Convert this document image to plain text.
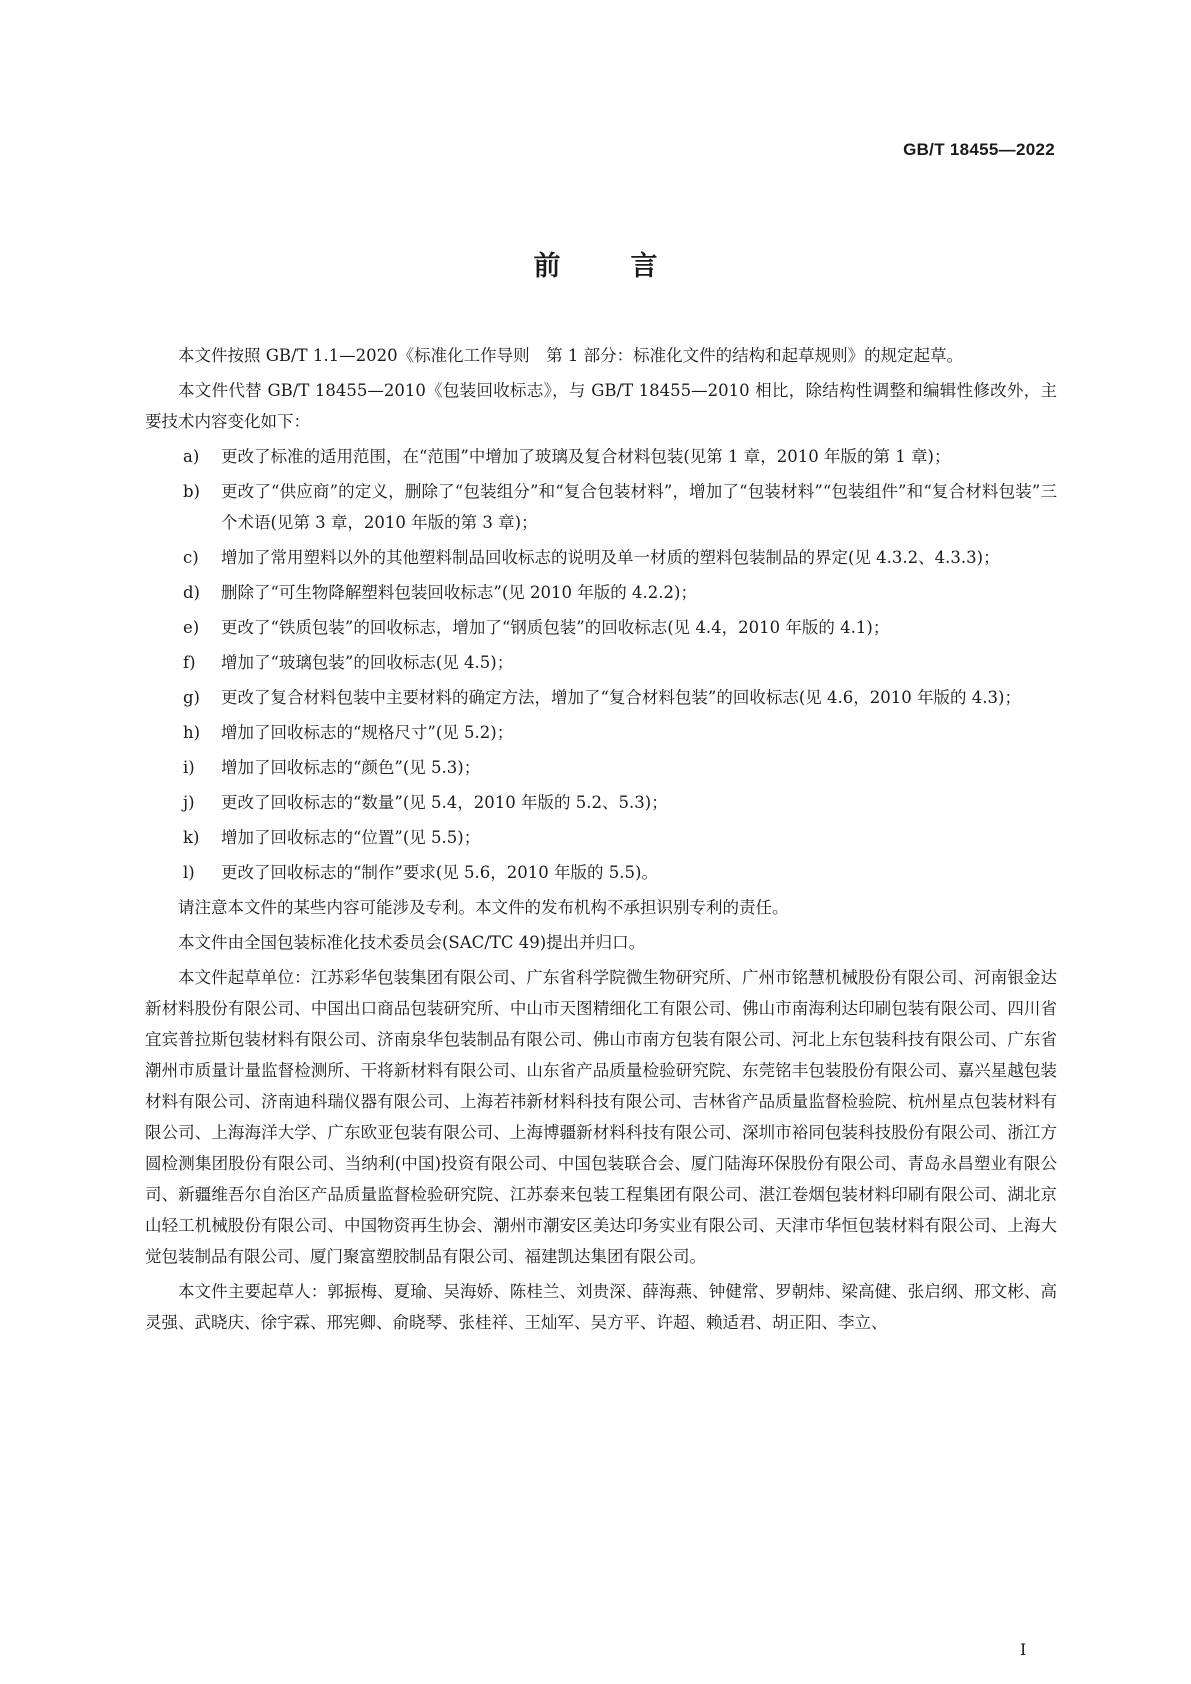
GB/T 18455—2022
前言

本文件按照 GB/T 1.1—2020《标准化工作导则　第 1 部分：标准化文件的结构和起草规则》的规定起草。

本文件代替 GB/T 18455—2010《包装回收标志》，与 GB/T 18455—2010 相比，除结构性调整和编辑性修改外，主要技术内容变化如下：

a)	更改了标准的适用范围，在“范围”中增加了玻璃及复合材料包装(见第 1 章，2010 年版的第 1 章)；
b)	更改了“供应商”的定义，删除了“包装组分”和“复合包装材料”，增加了“包装材料”“包装组件”和“复合材料包装”三个术语(见第 3 章，2010 年版的第 3 章)；
c)	增加了常用塑料以外的其他塑料制品回收标志的说明及单一材质的塑料包装制品的界定(见 4.3.2、4.3.3)；
d)	删除了“可生物降解塑料包装回收标志”(见 2010 年版的 4.2.2)；
e)	更改了“铁质包装”的回收标志，增加了“钢质包装”的回收标志(见 4.4，2010 年版的 4.1)；
f)	增加了“玻璃包装”的回收标志(见 4.5)；
g)	更改了复合材料包装中主要材料的确定方法，增加了“复合材料包装”的回收标志(见 4.6，2010 年版的 4.3)；
h)	增加了回收标志的“规格尺寸”(见 5.2)；
i)	增加了回收标志的“颜色”(见 5.3)；
j)	更改了回收标志的“数量”(见 5.4，2010 年版的 5.2、5.3)；
k)	增加了回收标志的“位置”(见 5.5)；
l)	更改了回收标志的“制作”要求(见 5.6，2010 年版的 5.5)。

请注意本文件的某些内容可能涉及专利。本文件的发布机构不承担识别专利的责任。

本文件由全国包装标准化技术委员会(SAC/TC 49)提出并归口。

本文件起草单位：江苏彩华包装集团有限公司、广东省科学院微生物研究所、广州市铭慧机械股份有限公司、河南银金达新材料股份有限公司、中国出口商品包装研究所、中山市天图精细化工有限公司、佛山市南海利达印刷包装有限公司、四川省宜宾普拉斯包装材料有限公司、济南泉华包装制品有限公司、佛山市南方包装有限公司、河北上东包装科技有限公司、广东省潮州市质量计量监督检测所、干将新材料有限公司、山东省产品质量检验研究院、东莞铭丰包装股份有限公司、嘉兴星越包装材料有限公司、济南迪科瑞仪器有限公司、上海若祎新材料科技有限公司、吉林省产品质量监督检验院、杭州星点包装材料有限公司、上海海洋大学、广东欧亚包装有限公司、上海博疆新材料科技有限公司、深圳市裕同包装科技股份有限公司、浙江方圆检测集团股份有限公司、当纳利(中国)投资有限公司、中国包装联合会、厦门陆海环保股份有限公司、青岛永昌塑业有限公司、新疆维吾尔自治区产品质量监督检验研究院、江苏泰来包装工程集团有限公司、湛江卷烟包装材料印刷有限公司、湖北京山轻工机械股份有限公司、中国物资再生协会、潮州市潮安区美达印务实业有限公司、天津市华恒包装材料有限公司、上海大觉包装制品有限公司、厦门聚富塑胶制品有限公司、福建凯达集团有限公司。

本文件主要起草人：郭振梅、夏瑜、吴海娇、陈桂兰、刘贵深、薛海燕、钟健常、罗朝炜、梁高健、张启纲、邢文彬、高灵强、武晓庆、徐宇霖、邢宪卿、俞晓琴、张桂祥、王灿军、吴方平、许超、赖适君、胡正阳、李立、

I
